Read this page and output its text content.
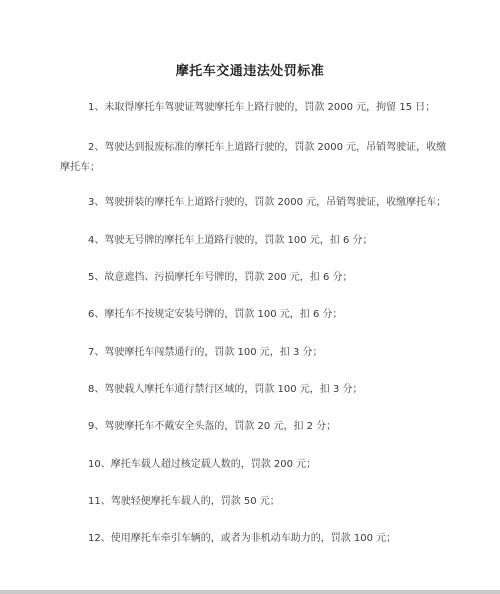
摩托车交通违法处罚标准
1、未取得摩托车驾驶证驾驶摩托车上路行驶的，罚款 2000 元，拘留 15 日；
2、驾驶达到报废标准的摩托车上道路行驶的，罚款 2000 元，吊销驾驶证，收缴摩托车；
3、驾驶拼装的摩托车上道路行驶的，罚款 2000 元，吊销驾驶证，收缴摩托车；
4、驾驶无号牌的摩托车上道路行驶的，罚款 100 元，扣 6 分；
5、故意遮挡、污损摩托车号牌的，罚款 200 元，扣 6 分；
6、摩托车不按规定安装号牌的，罚款 100 元，扣 6 分；
7、驾驶摩托车闯禁通行的，罚款 100 元，扣 3 分；
8、驾驶载人摩托车通行禁行区域的，罚款 100 元，扣 3 分；
9、驾驶摩托车不戴安全头盔的，罚款 20 元，扣 2 分；
10、摩托车载人超过核定载人数的，罚款 200 元；
11、驾驶轻便摩托车载人的，罚款 50 元；
12、使用摩托车牵引车辆的，或者为非机动车助力的，罚款 100 元；
